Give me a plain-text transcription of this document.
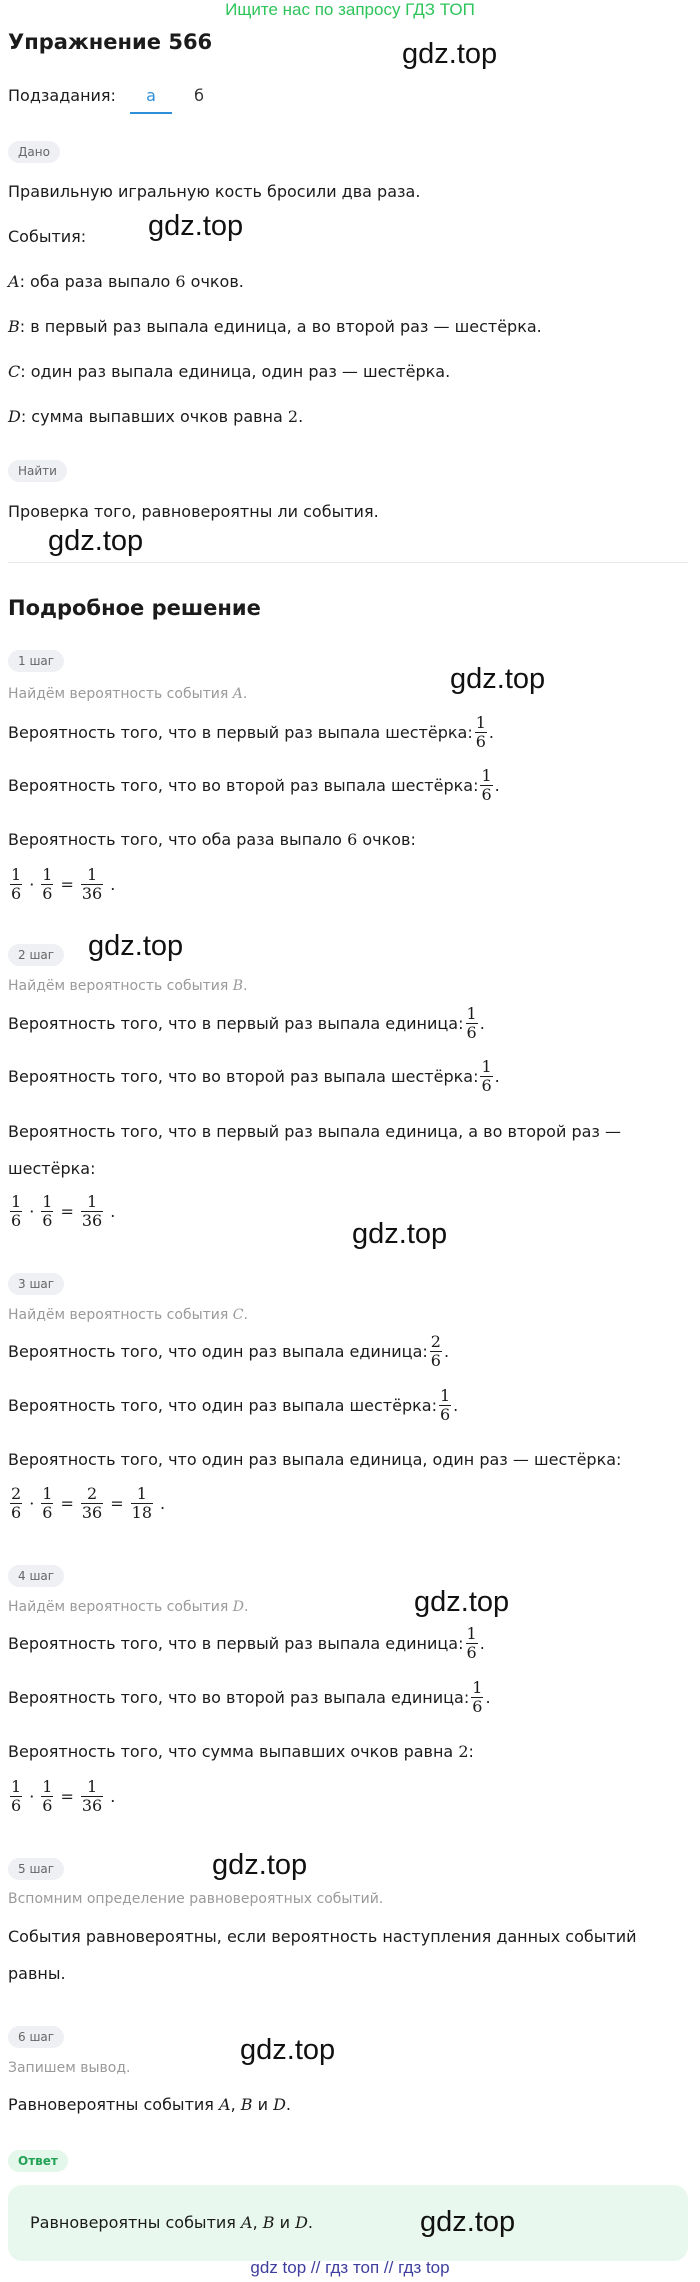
Ищите нас по запросу ГДЗ ТОП
Упражнение 566	gdz.top
Подзадания:	а	б
Дано
Правильную игральную кость бросили два раза.
События: gdz.top
A: оба раза выпало 6 очков.
B: в первый раз выпала единица, а во второй раз — шестёрка.
C: один раз выпала единица, один раз — шестёрка.
D: сумма выпавших очков равна 2.
Найти
Проверка того, равновероятны ли события.
gdz.top
Подробное решение
1 шаг
gdz.top
Найдём вероятность события A.
Вероятность того, что в первый раз выпала шестёрка: $\frac{1}{6}$ .
Вероятность того, что во второй раз выпала шестёрка: $\frac{1}{6}$ .
Вероятность того, что оба раза выпало 6 очков:
$\frac{1}{6} \cdot \frac{1}{6} = \frac{1}{36}$ .
2 шаг	gdz.top
Найдём вероятность события B.
Вероятность того, что в первый раз выпала единица: $\frac{1}{6}$ .
Вероятность того, что во второй раз выпала шестёрка: $\frac{1}{6}$ .
Вероятность того, что в первый раз выпала единица, а во второй раз —
шестёрка:
$\frac{1}{6} \cdot \frac{1}{6} = \frac{1}{36}$ .
gdz.top
3 шаг
Найдём вероятность события C.
Вероятность того, что один раз выпала единица: $\frac{2}{6}$ .
Вероятность того, что один раз выпала шестёрка: $\frac{1}{6}$ .
Вероятность того, что один раз выпала единица, один раз — шестёрка:
$\frac{2}{6} \cdot \frac{1}{6} = \frac{2}{36} = \frac{1}{18}$ .
4 шаг
Найдём вероятность события D.	gdz.top
Вероятность того, что в первый раз выпала единица: $\frac{1}{6}$ .
Вероятность того, что во второй раз выпала единица: $\frac{1}{6}$ .
Вероятность того, что сумма выпавших очков равна 2:
$\frac{1}{6} \cdot \frac{1}{6} = \frac{1}{36}$ .
gdz.top
5 шаг
Вспомним определение равновероятных событий.
События равновероятны, если вероятность наступления данных событий
равны.
6 шаг	gdz.top
Запишем вывод.
Равновероятны события A, B и D.
Ответ
Равновероятны события A, B и D.	gdz.top
gdz top // гдз топ // гдз top
